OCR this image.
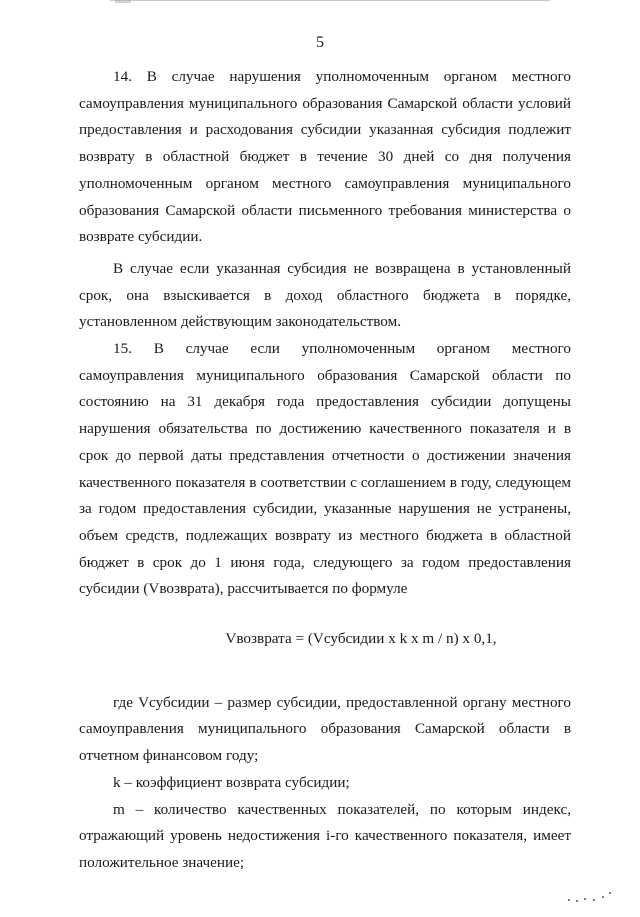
5

14. В случае нарушения уполномоченным органом местного самоуправления муниципального образования Самарской области условий предоставления и расходования субсидии указанная субсидия подлежит возврату в областной бюджет в течение 30 дней со дня получения уполномоченным органом местного самоуправления муниципального образования Самарской области письменного требования министерства о возврате субсидии.

В случае если указанная субсидия не возвращена в установленный срок, она взыскивается в доход областного бюджета в порядке, установленном действующим законодательством.

15. В случае если уполномоченным органом местного самоуправления муниципального образования Самарской области по состоянию на 31 декабря года предоставления субсидии допущены нарушения обязательства по достижению качественного показателя и в срок до первой даты представления отчетности о достижении значения качественного показателя в соответствии с соглашением в году, следующем за годом предоставления субсидии, указанные нарушения не устранены, объем средств, подлежащих возврату из местного бюджета в областной бюджет в срок до 1 июня года, следующего за годом предоставления субсидии (Vвозврата), рассчитывается по формуле

Vвозврата = (Vсубсидии x k x m / n) x 0,1,

где Vсубсидии – размер субсидии, предоставленной органу местного самоуправления муниципального образования Самарской области в отчетном финансовом году;

k – коэффициент возврата субсидии;

m – количество качественных показателей, по которым индекс, отражающий уровень недостижения i-го качественного показателя, имеет положительное значение;
